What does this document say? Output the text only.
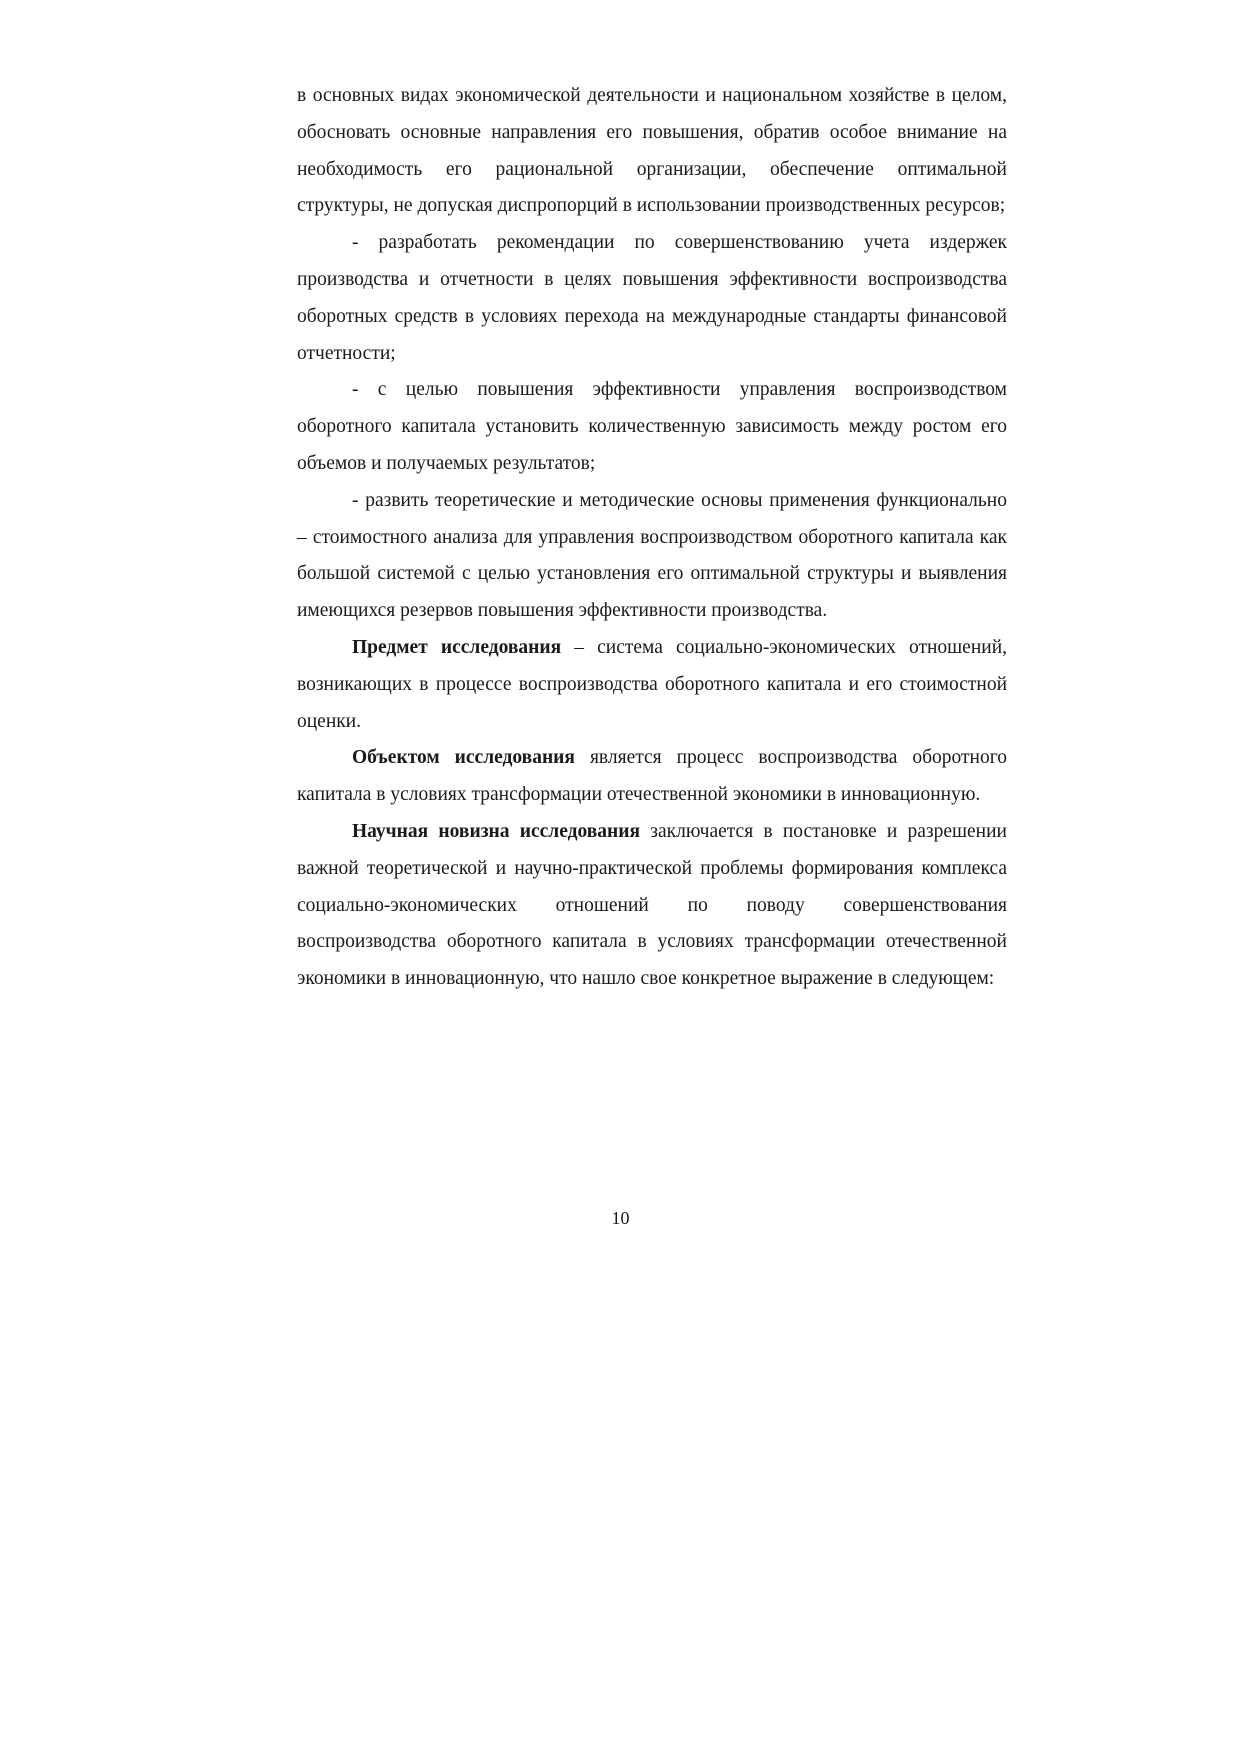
в основных видах экономической деятельности и национальном хозяйстве в целом, обосновать основные направления его повышения, обратив особое внимание на необходимость его рациональной организации, обеспечение оптимальной структуры, не допуская диспропорций в использовании производственных ресурсов;

- разработать рекомендации по совершенствованию учета издержек производства и отчетности в целях повышения эффективности воспроизводства оборотных средств в условиях перехода на международные стандарты финансовой отчетности;

- с целью повышения эффективности управления воспроизводством оборотного капитала установить количественную зависимость между ростом его объемов и получаемых результатов;

- развить теоретические и методические основы применения функционально – стоимостного анализа для управления воспроизводством оборотного капитала как большой системой с целью установления его оптимальной структуры и выявления имеющихся резервов повышения эффективности производства.

Предмет исследования – система социально-экономических отношений, возникающих в процессе воспроизводства оборотного капитала и его стоимостной оценки.

Объектом исследования является процесс воспроизводства оборотного капитала в условиях трансформации отечественной экономики в инновационную.

Научная новизна исследования заключается в постановке и разрешении важной теоретической и научно-практической проблемы формирования комплекса социально-экономических отношений по поводу совершенствования воспроизводства оборотного капитала в условиях трансформации отечественной экономики в инновационную, что нашло свое конкретное выражение в следующем:

10
